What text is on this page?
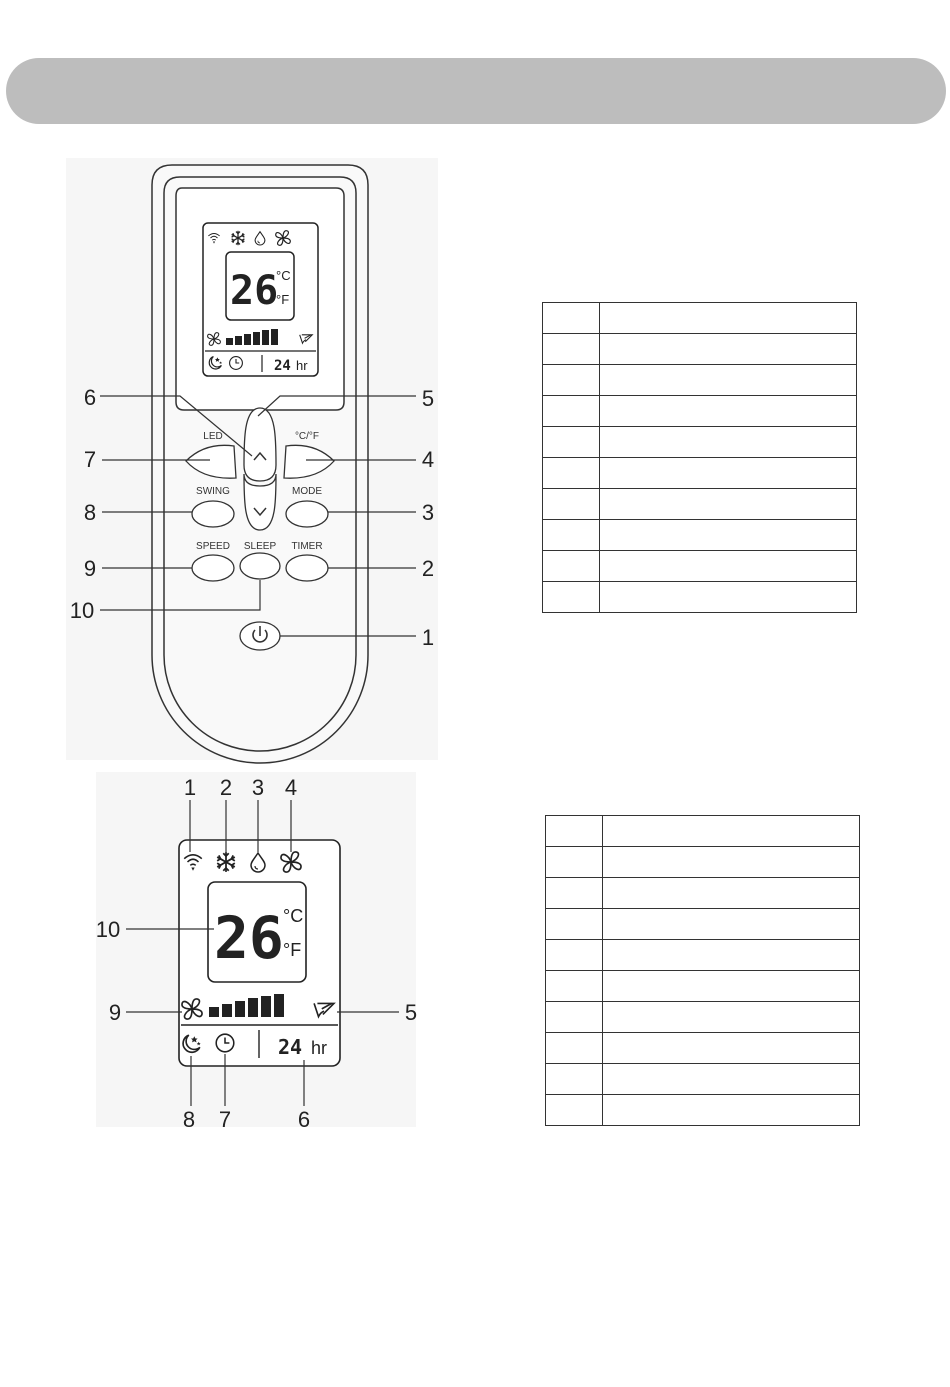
26
°C
°F
24 hr
LED	°C/°F
SWING	MODE
SPEED SLEEP TIMER
1
2
3
4
5
6
7
8
9
10
26 °C
°F
24 hr
1 2 3 4
5
6
7
8
9
10
